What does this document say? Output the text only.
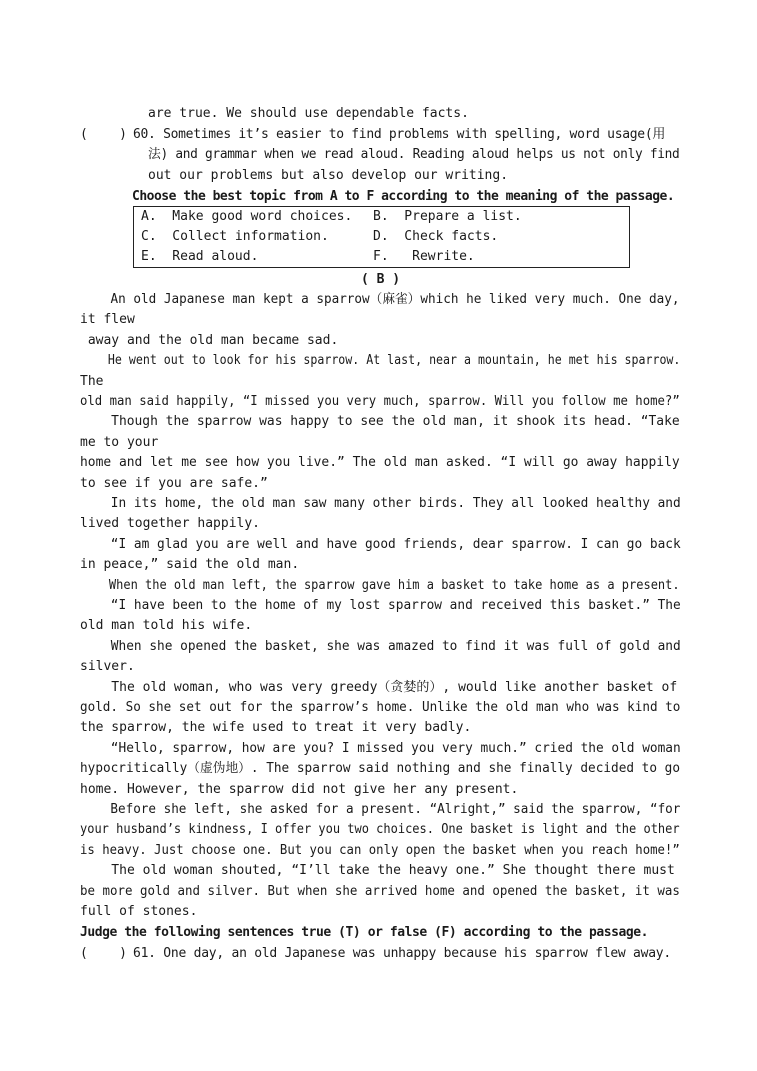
are true. We should use dependable facts.
(    ) 60. Sometimes it’s easier to find problems with spelling, word usage(用
法) and grammar when we read aloud. Reading aloud helps us not only find
out our problems but also develop our writing.
Choose the best topic from A to F according to the meaning of the passage.
A.  Make good word choices.	B.  Prepare a list.
C.  Collect information.	D.  Check facts.
E.  Read aloud.	F.   Rewrite.
( B )
An old Japanese man kept a sparrow（麻雀）which he liked very much. One day,
it flew
away and the old man became sad.
He went out to look for his sparrow. At last, near a mountain, he met his sparrow.
The
old man said happily, “I missed you very much, sparrow. Will you follow me home?”
Though the sparrow was happy to see the old man, it shook its head. “Take
me to your
home and let me see how you live.” The old man asked. “I will go away happily
to see if you are safe.”
In its home, the old man saw many other birds. They all looked healthy and
lived together happily.
“I am glad you are well and have good friends, dear sparrow. I can go back
in peace,” said the old man.
When the old man left, the sparrow gave him a basket to take home as a present.
“I have been to the home of my lost sparrow and received this basket.” The
old man told his wife.
When she opened the basket, she was amazed to find it was full of gold and
silver.
The old woman, who was very greedy（贪婪的）, would like another basket of
gold. So she set out for the sparrow’s home. Unlike the old man who was kind to
the sparrow, the wife used to treat it very badly.
“Hello, sparrow, how are you? I missed you very much.” cried the old woman
hypocritically（虚伪地）. The sparrow said nothing and she finally decided to go
home. However, the sparrow did not give her any present.
Before she left, she asked for a present. “Alright,” said the sparrow, “for
your husband’s kindness, I offer you two choices. One basket is light and the other
is heavy. Just choose one. But you can only open the basket when you reach home!”
The old woman shouted, “I’ll take the heavy one.” She thought there must
be more gold and silver. But when she arrived home and opened the basket, it was
full of stones.
Judge the following sentences true (T) or false (F) according to the passage.
(    ) 61. One day, an old Japanese was unhappy because his sparrow flew away.
